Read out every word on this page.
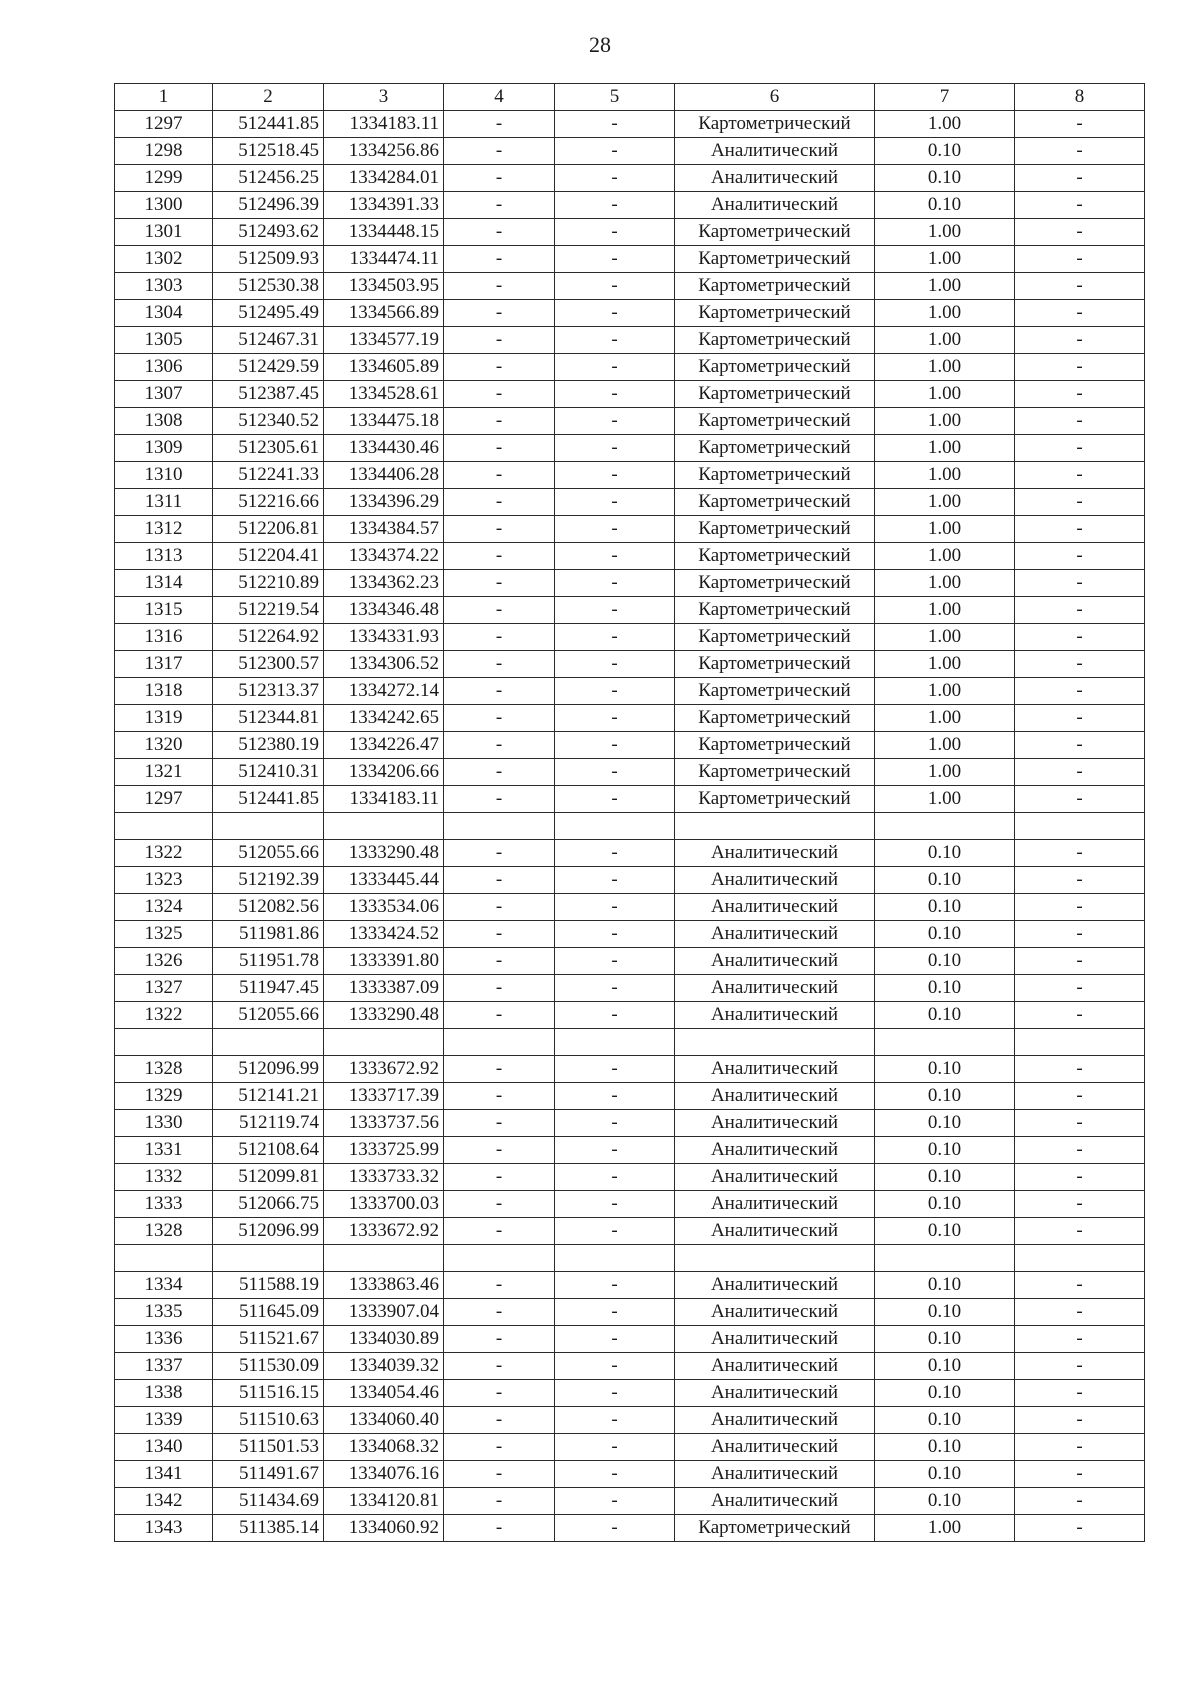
28
1	2	3	4	5	6	7	8
1297	512441.85	1334183.11	-	-	Картометрический	1.00	-
1298	512518.45	1334256.86	-	-	Аналитический	0.10	-
1299	512456.25	1334284.01	-	-	Аналитический	0.10	-
1300	512496.39	1334391.33	-	-	Аналитический	0.10	-
1301	512493.62	1334448.15	-	-	Картометрический	1.00	-
1302	512509.93	1334474.11	-	-	Картометрический	1.00	-
1303	512530.38	1334503.95	-	-	Картометрический	1.00	-
1304	512495.49	1334566.89	-	-	Картометрический	1.00	-
1305	512467.31	1334577.19	-	-	Картометрический	1.00	-
1306	512429.59	1334605.89	-	-	Картометрический	1.00	-
1307	512387.45	1334528.61	-	-	Картометрический	1.00	-
1308	512340.52	1334475.18	-	-	Картометрический	1.00	-
1309	512305.61	1334430.46	-	-	Картометрический	1.00	-
1310	512241.33	1334406.28	-	-	Картометрический	1.00	-
1311	512216.66	1334396.29	-	-	Картометрический	1.00	-
1312	512206.81	1334384.57	-	-	Картометрический	1.00	-
1313	512204.41	1334374.22	-	-	Картометрический	1.00	-
1314	512210.89	1334362.23	-	-	Картометрический	1.00	-
1315	512219.54	1334346.48	-	-	Картометрический	1.00	-
1316	512264.92	1334331.93	-	-	Картометрический	1.00	-
1317	512300.57	1334306.52	-	-	Картометрический	1.00	-
1318	512313.37	1334272.14	-	-	Картометрический	1.00	-
1319	512344.81	1334242.65	-	-	Картометрический	1.00	-
1320	512380.19	1334226.47	-	-	Картометрический	1.00	-
1321	512410.31	1334206.66	-	-	Картометрический	1.00	-
1297	512441.85	1334183.11	-	-	Картометрический	1.00	-

1322	512055.66	1333290.48	-	-	Аналитический	0.10	-
1323	512192.39	1333445.44	-	-	Аналитический	0.10	-
1324	512082.56	1333534.06	-	-	Аналитический	0.10	-
1325	511981.86	1333424.52	-	-	Аналитический	0.10	-
1326	511951.78	1333391.80	-	-	Аналитический	0.10	-
1327	511947.45	1333387.09	-	-	Аналитический	0.10	-
1322	512055.66	1333290.48	-	-	Аналитический	0.10	-

1328	512096.99	1333672.92	-	-	Аналитический	0.10	-
1329	512141.21	1333717.39	-	-	Аналитический	0.10	-
1330	512119.74	1333737.56	-	-	Аналитический	0.10	-
1331	512108.64	1333725.99	-	-	Аналитический	0.10	-
1332	512099.81	1333733.32	-	-	Аналитический	0.10	-
1333	512066.75	1333700.03	-	-	Аналитический	0.10	-
1328	512096.99	1333672.92	-	-	Аналитический	0.10	-

1334	511588.19	1333863.46	-	-	Аналитический	0.10	-
1335	511645.09	1333907.04	-	-	Аналитический	0.10	-
1336	511521.67	1334030.89	-	-	Аналитический	0.10	-
1337	511530.09	1334039.32	-	-	Аналитический	0.10	-
1338	511516.15	1334054.46	-	-	Аналитический	0.10	-
1339	511510.63	1334060.40	-	-	Аналитический	0.10	-
1340	511501.53	1334068.32	-	-	Аналитический	0.10	-
1341	511491.67	1334076.16	-	-	Аналитический	0.10	-
1342	511434.69	1334120.81	-	-	Аналитический	0.10	-
1343	511385.14	1334060.92	-	-	Картометрический	1.00	-
